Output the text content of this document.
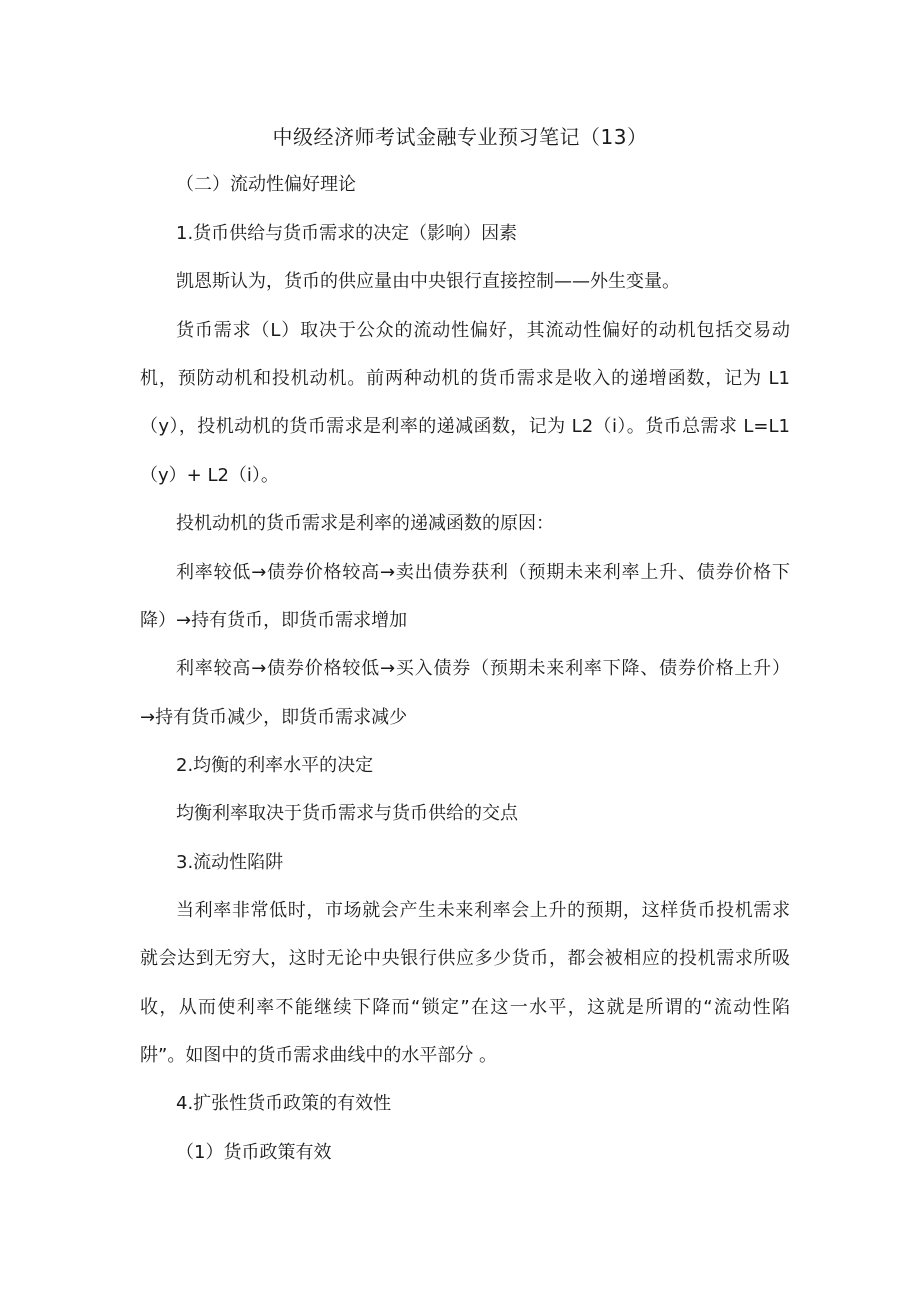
中级经济师考试金融专业预习笔记（13）

（二）流动性偏好理论

1.货币供给与货币需求的决定（影响）因素

凯恩斯认为，货币的供应量由中央银行直接控制——外生变量。

货币需求（L）取决于公众的流动性偏好，其流动性偏好的动机包括交易动

机，预防动机和投机动机。前两种动机的货币需求是收入的递增函数，记为 L1

（y），投机动机的货币需求是利率的递减函数，记为 L2（i）。货币总需求 L=L1

（y）+ L2（i）。

投机动机的货币需求是利率的递减函数的原因：

利率较低→债券价格较高→卖出债券获利（预期未来利率上升、债券价格下

降）→持有货币，即货币需求增加

利率较高→债券价格较低→买入债券（预期未来利率下降、债券价格上升）

→持有货币减少，即货币需求减少

2.均衡的利率水平的决定

均衡利率取决于货币需求与货币供给的交点

3.流动性陷阱

当利率非常低时，市场就会产生未来利率会上升的预期，这样货币投机需求

就会达到无穷大，这时无论中央银行供应多少货币，都会被相应的投机需求所吸

收，从而使利率不能继续下降而“锁定”在这一水平，这就是所谓的“流动性陷

阱”。如图中的货币需求曲线中的水平部分 。

4.扩张性货币政策的有效性

（1）货币政策有效
